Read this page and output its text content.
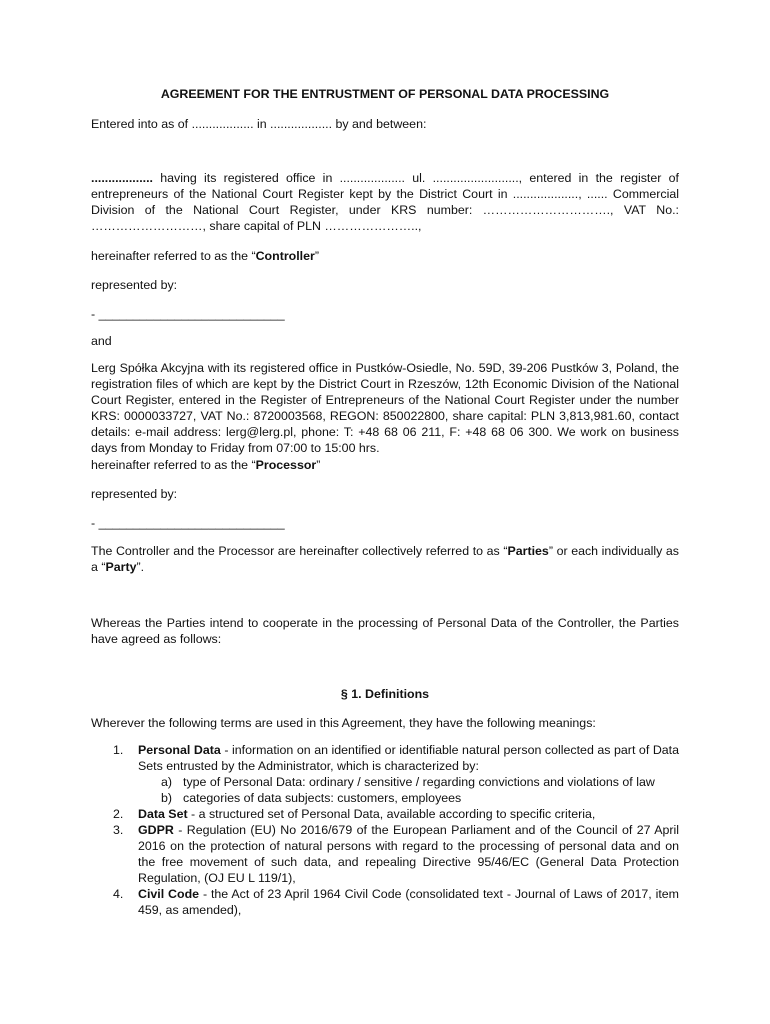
AGREEMENT FOR THE ENTRUSTMENT OF PERSONAL DATA PROCESSING

Entered into as of .................. in .................. by and between:

.................. having its registered office in ................... ul. ........................., entered in the register of entrepreneurs of the National Court Register kept by the District Court in ..................., ...... Commercial Division of the National Court Register, under KRS number: …………………………., VAT No.: ………………………, share capital of PLN …………………..,

hereinafter referred to as the “Controller”

represented by:

- ___________________________

and

Lerg Spółka Akcyjna with its registered office in Pustków-Osiedle, No. 59D, 39-206 Pustków 3, Poland, the registration files of which are kept by the District Court in Rzeszów, 12th Economic Division of the National Court Register, entered in the Register of Entrepreneurs of the National Court Register under the number KRS: 0000033727, VAT No.: 8720003568, REGON: 850022800, share capital: PLN 3,813,981.60, contact details: e-mail address: lerg@lerg.pl, phone: T: +48 68 06 211, F: +48 68 06 300. We work on business days from Monday to Friday from 07:00 to 15:00 hrs.

hereinafter referred to as the “Processor”

represented by:

- ___________________________

The Controller and the Processor are hereinafter collectively referred to as “Parties” or each individually as a “Party”.

Whereas the Parties intend to cooperate in the processing of Personal Data of the Controller, the Parties have agreed as follows:

§ 1. Definitions

Wherever the following terms are used in this Agreement, they have the following meanings:

1. Personal Data - information on an identified or identifiable natural person collected as part of Data Sets entrusted by the Administrator, which is characterized by:
a) type of Personal Data: ordinary / sensitive / regarding convictions and violations of law
b) categories of data subjects: customers, employees
2. Data Set - a structured set of Personal Data, available according to specific criteria,
3. GDPR - Regulation (EU) No 2016/679 of the European Parliament and of the Council of 27 April 2016 on the protection of natural persons with regard to the processing of personal data and on the free movement of such data, and repealing Directive 95/46/EC (General Data Protection Regulation, (OJ EU L 119/1),
4. Civil Code - the Act of 23 April 1964 Civil Code (consolidated text - Journal of Laws of 2017, item 459, as amended),
